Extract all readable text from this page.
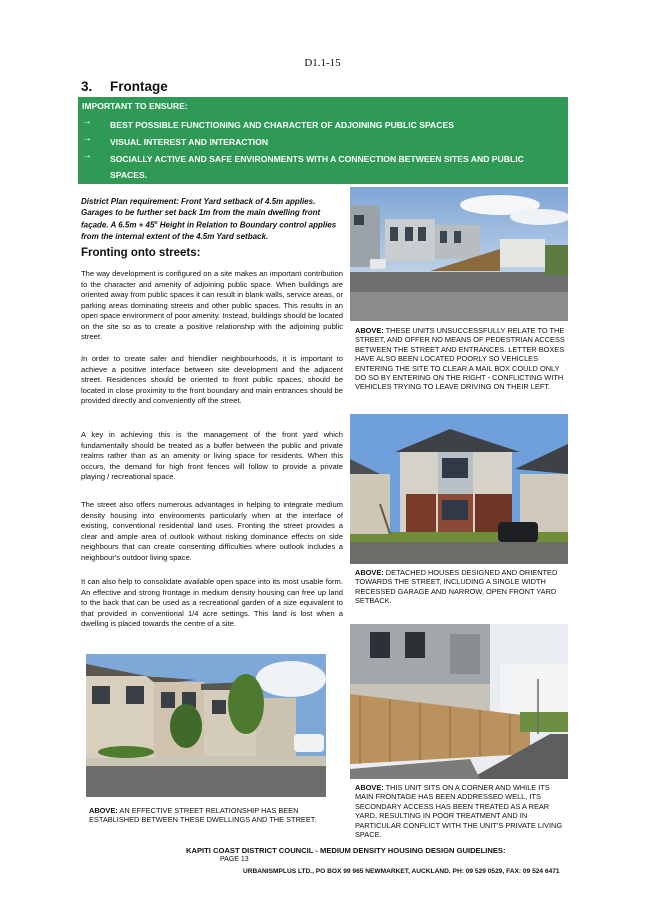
D1.1-15
3. Frontage
IMPORTANT TO ENSURE:
→ BEST POSSIBLE FUNCTIONING AND CHARACTER OF ADJOINING PUBLIC SPACES
→ VISUAL INTEREST AND INTERACTION
→ SOCIALLY ACTIVE AND SAFE ENVIRONMENTS WITH A CONNECTION BETWEEN SITES AND PUBLIC SPACES.
District Plan requirement: Front Yard setback of 4.5m applies. Garages to be further set back 1m from the main dwelling front façade. A $6.5m + 45^o$ Height in Relation to Boundary control applies from the internal extent of the 4.5m Yard setback.
Fronting onto streets:
The way development is configured on a site makes an important contribution to the character and amenity of adjoining public space. When buildings are oriented away from public spaces it can result in blank walls, service areas, or parking areas dominating streets and other public spaces. This results in an open space environment of poor amenity. Instead, buildings should be located on the site so as to create a positive relationship with the adjoining public street.
In order to create safer and friendlier neighbourhoods, it is important to achieve a positive interface between site development and the adjacent street. Residences should be oriented to front public spaces, should be located in close proximity to the front boundary and main entrances should be provided directly and conveniently off the street.
A key in achieving this is the management of the front yard which fundamentally should be treated as a buffer between the public and private realms rather than as an amenity or living space for residents. When this occurs, the demand for high front fences will follow to provide a private playing / recreational space.
The street also offers numerous advantages in helping to integrate medium density housing into environments particularly when at the interface of existing, conventional residential land uses. Fronting the street provides a clear and ample area of outlook without risking dominance effects on side neighbours that can create consenting difficulties where outlook includes a neighbour's outdoor living space.
It can also help to consolidate available open space into its most usable form. An effective and strong frontage in medium density housing can free up land to the back that can be used as a recreational garden of a size equivalent to that provided in conventional 1/4 acre settings. This land is lost when a dwelling is placed towards the centre of a site.
ABOVE: THESE UNITS UNSUCCESSFULLY RELATE TO THE STREET, AND OFFER NO MEANS OF PEDESTRIAN ACCESS BETWEEN THE STREET AND ENTRANCES. LETTER BOXES HAVE ALSO BEEN LOCATED POORLY SO VEHICLES ENTERING THE SITE TO CLEAR A MAIL BOX COULD ONLY DO SO BY ENTERING ON THE RIGHT - CONFLICTING WITH VEHICLES TRYING TO LEAVE DRIVING ON THEIR LEFT.
ABOVE: DETACHED HOUSES DESIGNED AND ORIENTED TOWARDS THE STREET, INCLUDING A SINGLE WIDTH RECESSED GARAGE AND NARROW, OPEN FRONT YARD SETBACK.
ABOVE: THIS UNIT SITS ON A CORNER AND WHILE ITS MAIN FRONTAGE HAS BEEN ADDRESSED WELL, ITS SECONDARY ACCESS HAS BEEN TREATED AS A REAR YARD, RESULTING IN POOR TREATMENT AND IN PARTICULAR CONFLICT WITH THE UNIT'S PRIVATE LIVING SPACE.
ABOVE: AN EFFECTIVE STREET RELATIONSHIP HAS BEEN ESTABLISHED BETWEEN THESE DWELLINGS AND THE STREET.
KAPITI COAST DISTRICT COUNCIL - MEDIUM DENSITY HOUSING DESIGN GUIDELINES:
PAGE 13
URBANISMPLUS LTD., PO BOX 99 965 NEWMARKET, AUCKLAND. PH: 09 529 0529, FAX: 09 524 6471
